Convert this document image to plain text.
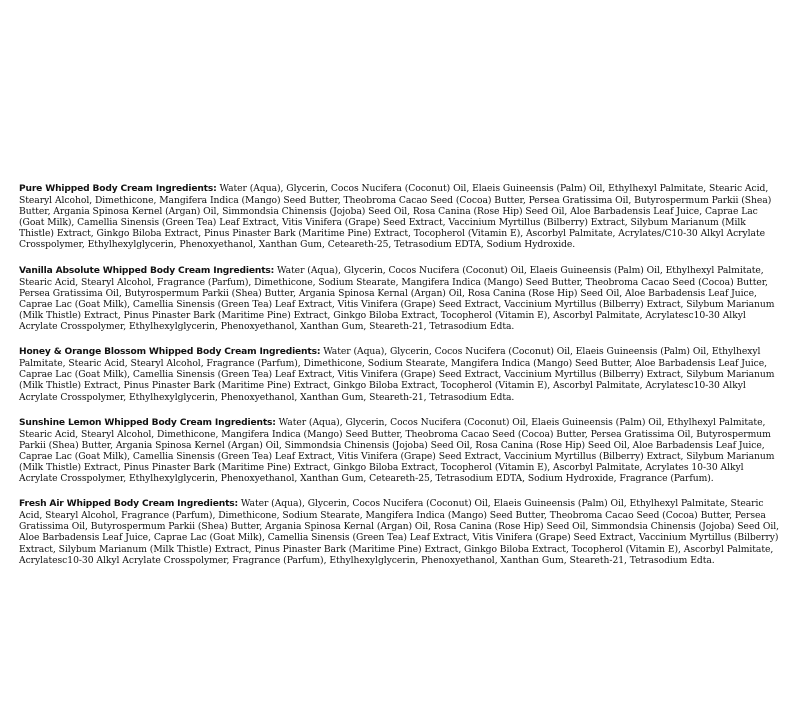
Pure Whipped Body Cream Ingredients: Water (Aqua), Glycerin, Cocos Nucifera (Coconut) Oil, Elaeis Guineensis (Palm) Oil, Ethylhexyl Palmitate, Stearic Acid, Stearyl Alcohol, Dimethicone, Mangifera Indica (Mango) Seed Butter, Theobroma Cacao Seed (Cocoa) Butter, Persea Gratissima Oil, Butyrospermum Parkii (Shea) Butter, Argania Spinosa Kernel (Argan) Oil, Simmondsia Chinensis (Jojoba) Seed Oil, Rosa Canina (Rose Hip) Seed Oil, Aloe Barbadensis Leaf Juice, Caprae Lac (Goat Milk), Camellia Sinensis (Green Tea) Leaf Extract, Vitis Vinifera (Grape) Seed Extract, Vaccinium Myrtillus (Bilberry) Extract, Silybum Marianum (Milk Thistle) Extract, Ginkgo Biloba Extract, Pinus Pinaster Bark (Maritime Pine) Extract, Tocopherol (Vitamin E), Ascorbyl Palmitate, Acrylates/C10-30 Alkyl Acrylate Crosspolymer, Ethylhexylglycerin, Phenoxyethanol, Xanthan Gum, Ceteareth-25, Tetrasodium EDTA, Sodium Hydroxide.

Vanilla Absolute Whipped Body Cream Ingredients: Water (Aqua), Glycerin, Cocos Nucifera (Coconut) Oil, Elaeis Guineensis (Palm) Oil, Ethylhexyl Palmitate, Stearic Acid, Stearyl Alcohol, Fragrance (Parfum), Dimethicone, Sodium Stearate, Mangifera Indica (Mango) Seed Butter, Theobroma Cacao Seed (Cocoa) Butter, Persea Gratissima Oil, Butyrospermum Parkii (Shea) Butter, Argania Spinosa Kernal (Argan) Oil, Rosa Canina (Rose Hip) Seed Oil, Aloe Barbadensis Leaf Juice, Caprae Lac (Goat Milk), Camellia Sinensis (Green Tea) Leaf Extract, Vitis Vinifera (Grape) Seed Extract, Vaccinium Myrtillus (Bilberry) Extract, Silybum Marianum (Milk Thistle) Extract, Pinus Pinaster Bark (Maritime Pine) Extract, Ginkgo Biloba Extract, Tocopherol (Vitamin E), Ascorbyl Palmitate, Acrylatesc10-30 Alkyl Acrylate Crosspolymer, Ethylhexylglycerin, Phenoxyethanol, Xanthan Gum, Steareth-21, Tetrasodium Edta.

Honey & Orange Blossom Whipped Body Cream Ingredients: Water (Aqua), Glycerin, Cocos Nucifera (Coconut) Oil, Elaeis Guineensis (Palm) Oil, Ethylhexyl Palmitate, Stearic Acid, Stearyl Alcohol, Fragrance (Parfum), Dimethicone, Sodium Stearate, Mangifera Indica (Mango) Seed Butter, Aloe Barbadensis Leaf Juice, Caprae Lac (Goat Milk), Camellia Sinensis (Green Tea) Leaf Extract, Vitis Vinifera (Grape) Seed Extract, Vaccinium Myrtillus (Bilberry) Extract, Silybum Marianum (Milk Thistle) Extract, Pinus Pinaster Bark (Maritime Pine) Extract, Ginkgo Biloba Extract, Tocopherol (Vitamin E), Ascorbyl Palmitate, Acrylatesc10-30 Alkyl Acrylate Crosspolymer, Ethylhexylglycerin, Phenoxyethanol, Xanthan Gum, Steareth-21, Tetrasodium Edta.

Sunshine Lemon Whipped Body Cream Ingredients: Water (Aqua), Glycerin, Cocos Nucifera (Coconut) Oil, Elaeis Guineensis (Palm) Oil, Ethylhexyl Palmitate, Stearic Acid, Stearyl Alcohol, Dimethicone, Mangifera Indica (Mango) Seed Butter, Theobroma Cacao Seed (Cocoa) Butter, Persea Gratissima Oil, Butyrospermum Parkii (Shea) Butter, Argania Spinosa Kernel (Argan) Oil, Simmondsia Chinensis (Jojoba) Seed Oil, Rosa Canina (Rose Hip) Seed Oil, Aloe Barbadensis Leaf Juice, Caprae Lac (Goat Milk), Camellia Sinensis (Green Tea) Leaf Extract, Vitis Vinifera (Grape) Seed Extract, Vaccinium Myrtillus (Bilberry) Extract, Silybum Marianum (Milk Thistle) Extract, Pinus Pinaster Bark (Maritime Pine) Extract, Ginkgo Biloba Extract, Tocopherol (Vitamin E), Ascorbyl Palmitate, Acrylates 10-30 Alkyl Acrylate Crosspolymer, Ethylhexylglycerin, Phenoxyethanol, Xanthan Gum, Ceteareth-25, Tetrasodium EDTA, Sodium Hydroxide, Fragrance (Parfum).

Fresh Air Whipped Body Cream Ingredients: Water (Aqua), Glycerin, Cocos Nucifera (Coconut) Oil, Elaeis Guineensis (Palm) Oil, Ethylhexyl Palmitate, Stearic Acid, Stearyl Alcohol, Fragrance (Parfum), Dimethicone, Sodium Stearate, Mangifera Indica (Mango) Seed Butter, Theobroma Cacao Seed (Cocoa) Butter, Persea Gratissima Oil, Butyrospermum Parkii (Shea) Butter, Argania Spinosa Kernal (Argan) Oil, Rosa Canina (Rose Hip) Seed Oil, Simmondsia Chinensis (Jojoba) Seed Oil, Aloe Barbadensis Leaf Juice, Caprae Lac (Goat Milk), Camellia Sinensis (Green Tea) Leaf Extract, Vitis Vinifera (Grape) Seed Extract, Vaccinium Myrtillus (Bilberry) Extract, Silybum Marianum (Milk Thistle) Extract, Pinus Pinaster Bark (Maritime Pine) Extract, Ginkgo Biloba Extract, Tocopherol (Vitamin E), Ascorbyl Palmitate, Acrylatesc10-30 Alkyl Acrylate Crosspolymer, Fragrance (Parfum), Ethylhexylglycerin, Phenoxyethanol, Xanthan Gum, Steareth-21, Tetrasodium Edta.
